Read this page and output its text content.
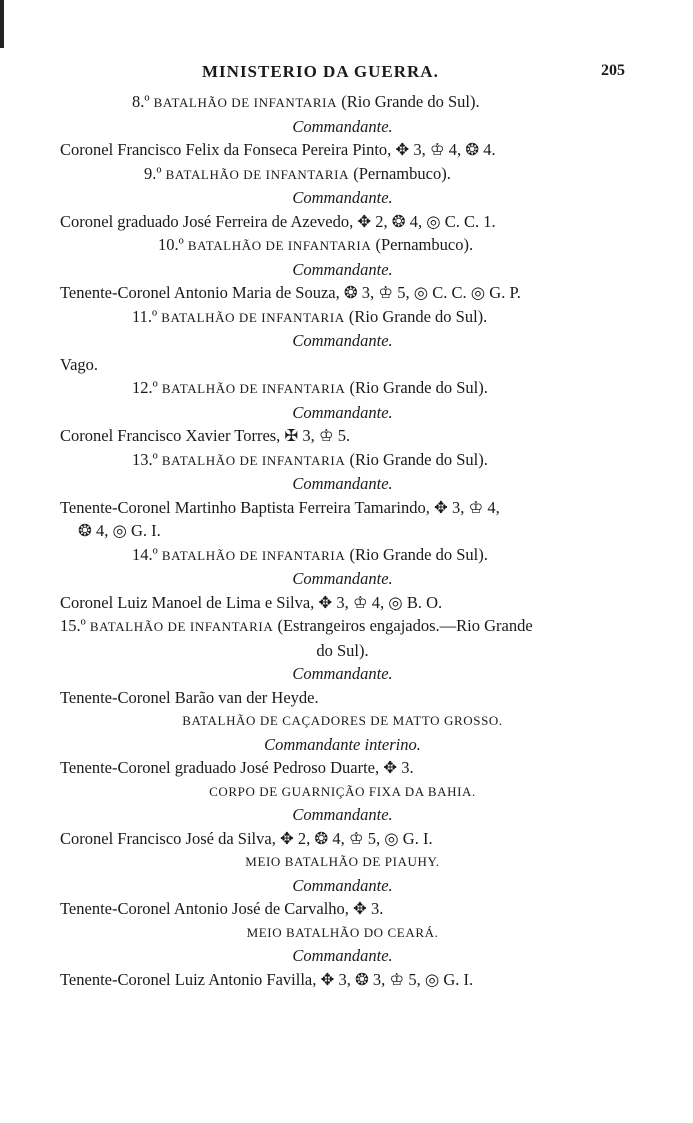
MINISTERIO DA GUERRA.	205
8.º BATALHÃO DE INFANTARIA (Rio Grande do Sul).
Commandante.
Coronel Francisco Felix da Fonseca Pereira Pinto, ✥ 3, ♔ 4, ❂ 4.
9.º BATALHÃO DE INFANTARIA (Pernambuco).
Commandante.
Coronel graduado José Ferreira de Azevedo, ✥ 2, ❂ 4, ◎ C. C. 1.
10.º BATALHÃO DE INFANTARIA (Pernambuco).
Commandante.
Tenente-Coronel Antonio Maria de Souza, ❂ 3, ♔ 5, ◎ C. C. ◎ G. P.
11.º BATALHÃO DE INFANTARIA (Rio Grande do Sul).
Commandante.
Vago.
12.º BATALHÃO DE INFANTARIA (Rio Grande do Sul).
Commandante.
Coronel Francisco Xavier Torres, ✠ 3, ♔ 5.
13.º BATALHÃO DE INFANTARIA (Rio Grande do Sul).
Commandante.
Tenente-Coronel Martinho Baptista Ferreira Tamarindo, ✥ 3, ♔ 4,
❂ 4, ◎ G. I.
14.º BATALHÃO DE INFANTARIA (Rio Grande do Sul).
Commandante.
Coronel Luiz Manoel de Lima e Silva, ✥ 3, ♔ 4, ◎ B. O.
15.º BATALHÃO DE INFANTARIA (Estrangeiros engajados.—Rio Grande
do Sul).
Commandante.
Tenente-Coronel Barão van der Heyde.
BATALHÃO DE CAÇADORES DE MATTO GROSSO.
Commandante interino.
Tenente-Coronel graduado José Pedroso Duarte, ✥ 3.
CORPO DE GUARNIÇÃO FIXA DA BAHIA.
Commandante.
Coronel Francisco José da Silva, ✥ 2, ❂ 4, ♔ 5, ◎ G. I.
MEIO BATALHÃO DE PIAUHY.
Commandante.
Tenente-Coronel Antonio José de Carvalho, ✥ 3.
MEIO BATALHÃO DO CEARÁ.
Commandante.
Tenente-Coronel Luiz Antonio Favilla, ✥ 3, ❂ 3, ♔ 5, ◎ G. I.
